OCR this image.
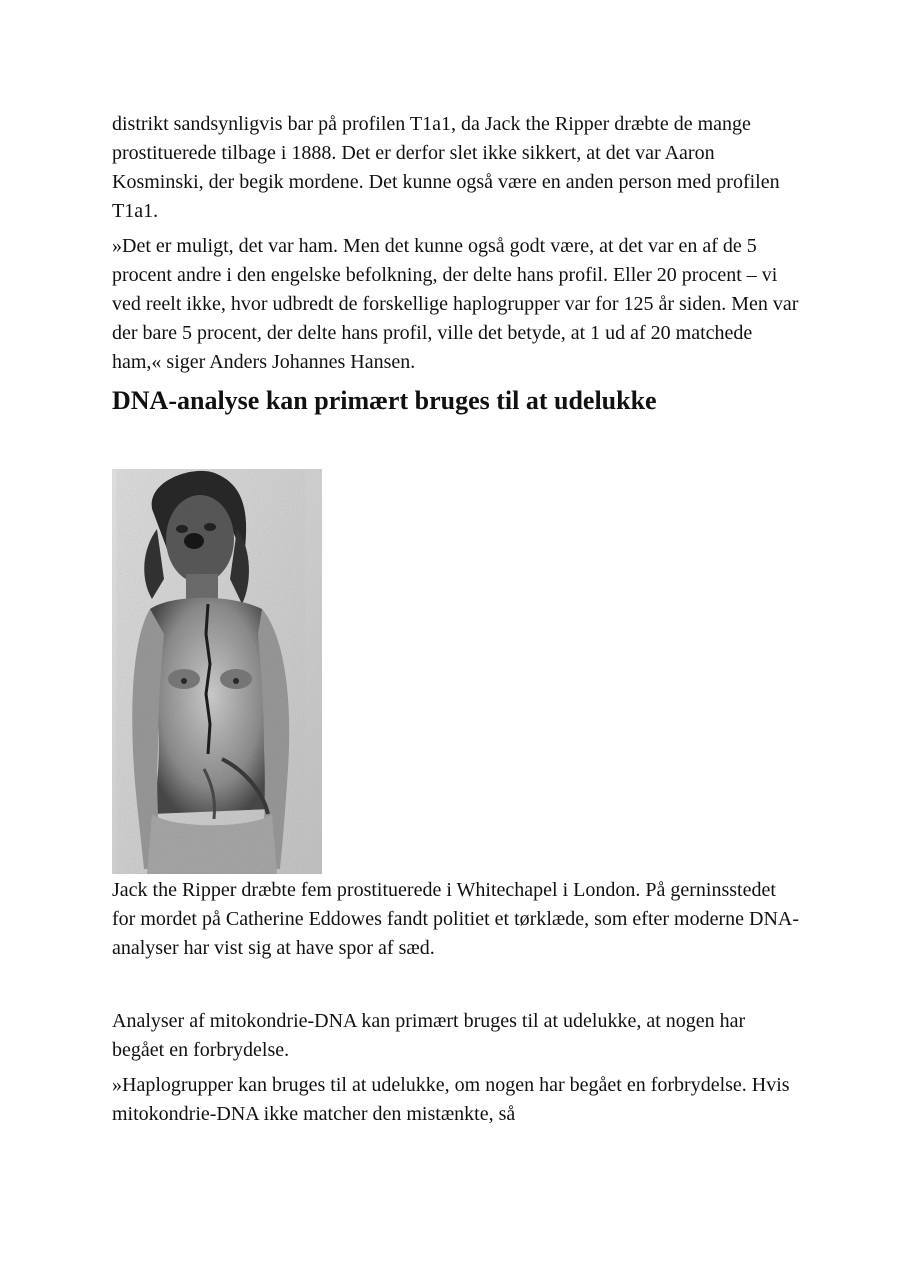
distrikt sandsynligvis bar på profilen T1a1, da Jack the Ripper dræbte de mange prostituerede tilbage i 1888. Det er derfor slet ikke sikkert, at det var Aaron Kosminski, der begik mordene. Det kunne også være en anden person med profilen T1a1.

»Det er muligt, det var ham. Men det kunne også godt være, at det var en af de 5 procent andre i den engelske befolkning, der delte hans profil. Eller 20 procent – vi ved reelt ikke, hvor udbredt de forskellige haplogrupper var for 125 år siden. Men var der bare 5 procent, der delte hans profil, ville det betyde, at 1 ud af 20 matchede ham,« siger Anders Johannes Hansen.

DNA-analyse kan primært bruges til at udelukke

Jack the Ripper dræbte fem prostituerede i Whitechapel i London. På gerninsstedet for mordet på Catherine Eddowes fandt politiet et tørklæde, som efter moderne DNA-analyser har vist sig at have spor af sæd.

Analyser af mitokondrie-DNA kan primært bruges til at udelukke, at nogen har begået en forbrydelse.

»Haplogrupper kan bruges til at udelukke, om nogen har begået en forbrydelse. Hvis mitokondrie-DNA ikke matcher den mistænkte, så
